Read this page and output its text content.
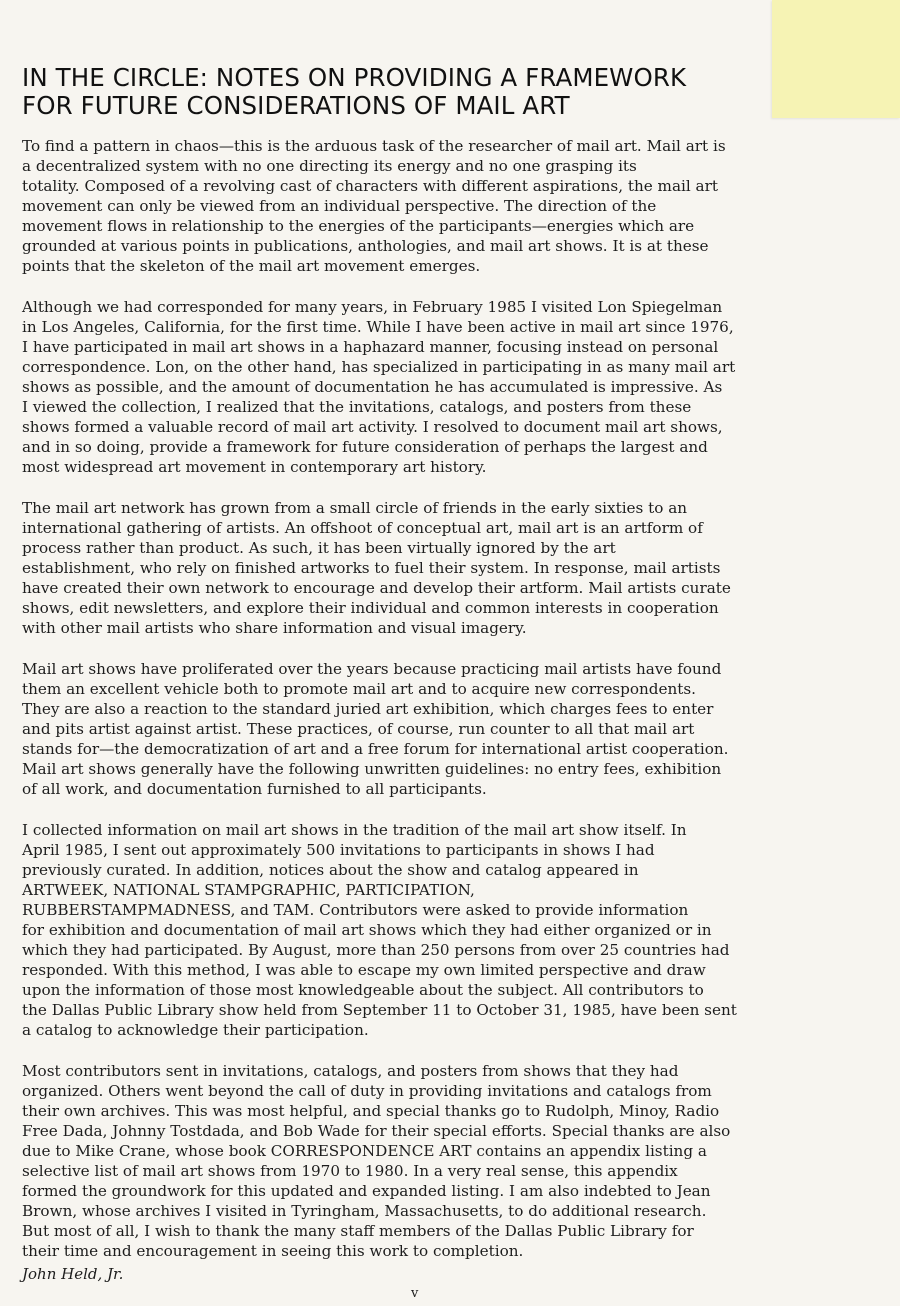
IN THE CIRCLE: NOTES ON PROVIDING A FRAMEWORK
FOR FUTURE CONSIDERATIONS OF MAIL ART

To find a pattern in chaos—this is the arduous task of the researcher of mail art. Mail art is
a decentralized system with no one directing its energy and no one grasping its
totality. Composed of a revolving cast of characters with different aspirations, the mail art
movement can only be viewed from an individual perspective. The direction of the
movement flows in relationship to the energies of the participants—energies which are
grounded at various points in publications, anthologies, and mail art shows. It is at these
points that the skeleton of the mail art movement emerges.

Although we had corresponded for many years, in February 1985 I visited Lon Spiegelman
in Los Angeles, California, for the first time. While I have been active in mail art since 1976,
I have participated in mail art shows in a haphazard manner, focusing instead on personal
correspondence. Lon, on the other hand, has specialized in participating in as many mail art
shows as possible, and the amount of documentation he has accumulated is impressive. As
I viewed the collection, I realized that the invitations, catalogs, and posters from these
shows formed a valuable record of mail art activity. I resolved to document mail art shows,
and in so doing, provide a framework for future consideration of perhaps the largest and
most widespread art movement in contemporary art history.

The mail art network has grown from a small circle of friends in the early sixties to an
international gathering of artists. An offshoot of conceptual art, mail art is an artform of
process rather than product. As such, it has been virtually ignored by the art
establishment, who rely on finished artworks to fuel their system. In response, mail artists
have created their own network to encourage and develop their artform. Mail artists curate
shows, edit newsletters, and explore their individual and common interests in cooperation
with other mail artists who share information and visual imagery.

Mail art shows have proliferated over the years because practicing mail artists have found
them an excellent vehicle both to promote mail art and to acquire new correspondents.
They are also a reaction to the standard juried art exhibition, which charges fees to enter
and pits artist against artist. These practices, of course, run counter to all that mail art
stands for—the democratization of art and a free forum for international artist cooperation.
Mail art shows generally have the following unwritten guidelines: no entry fees, exhibition
of all work, and documentation furnished to all participants.

I collected information on mail art shows in the tradition of the mail art show itself. In
April 1985, I sent out approximately 500 invitations to participants in shows I had
previously curated. In addition, notices about the show and catalog appeared in
ARTWEEK, NATIONAL STAMPGRAPHIC, PARTICIPATION,
RUBBERSTAMPMADNESS, and TAM. Contributors were asked to provide information
for exhibition and documentation of mail art shows which they had either organized or in
which they had participated. By August, more than 250 persons from over 25 countries had
responded. With this method, I was able to escape my own limited perspective and draw
upon the information of those most knowledgeable about the subject. All contributors to
the Dallas Public Library show held from September 11 to October 31, 1985, have been sent
a catalog to acknowledge their participation.

Most contributors sent in invitations, catalogs, and posters from shows that they had
organized. Others went beyond the call of duty in providing invitations and catalogs from
their own archives. This was most helpful, and special thanks go to Rudolph, Minoy, Radio
Free Dada, Johnny Tostdada, and Bob Wade for their special efforts. Special thanks are also
due to Mike Crane, whose book CORRESPONDENCE ART contains an appendix listing a
selective list of mail art shows from 1970 to 1980. In a very real sense, this appendix
formed the groundwork for this updated and expanded listing. I am also indebted to Jean
Brown, whose archives I visited in Tyringham, Massachusetts, to do additional research.
But most of all, I wish to thank the many staff members of the Dallas Public Library for
their time and encouragement in seeing this work to completion.

John Held, Jr.
v
